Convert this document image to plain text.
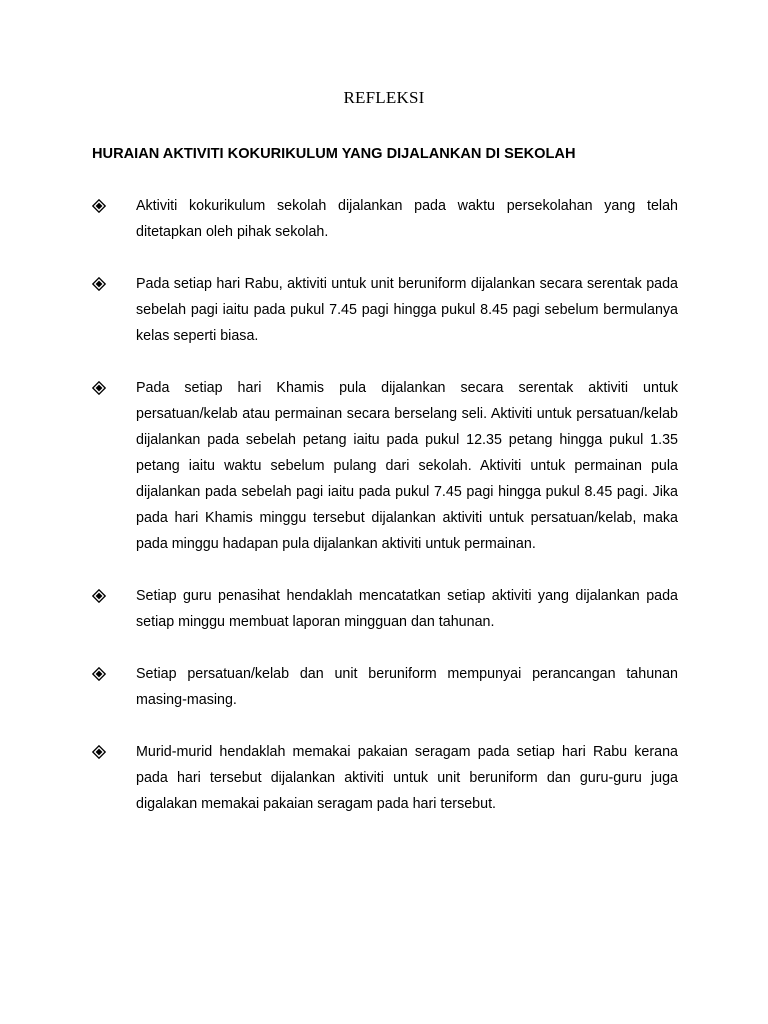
REFLEKSI
HURAIAN AKTIVITI KOKURIKULUM YANG DIJALANKAN DI SEKOLAH

Aktiviti kokurikulum sekolah dijalankan pada waktu persekolahan yang telah ditetapkan oleh pihak sekolah.

Pada setiap hari Rabu, aktiviti untuk unit beruniform dijalankan secara serentak pada sebelah pagi iaitu pada pukul 7.45 pagi hingga pukul 8.45 pagi sebelum bermulanya kelas seperti biasa.

Pada setiap hari Khamis pula dijalankan secara serentak aktiviti untuk persatuan/kelab atau permainan secara berselang seli. Aktiviti untuk persatuan/kelab dijalankan pada sebelah petang iaitu pada pukul 12.35 petang hingga pukul 1.35 petang iaitu waktu sebelum pulang dari sekolah. Aktiviti untuk permainan pula dijalankan pada sebelah pagi iaitu pada pukul 7.45 pagi hingga pukul 8.45 pagi. Jika pada hari Khamis minggu tersebut dijalankan aktiviti untuk persatuan/kelab, maka pada minggu hadapan pula dijalankan aktiviti untuk permainan.

Setiap guru penasihat hendaklah mencatatkan setiap aktiviti yang dijalankan pada setiap minggu membuat laporan mingguan dan tahunan.

Setiap persatuan/kelab dan unit beruniform mempunyai perancangan tahunan masing-masing.

Murid-murid hendaklah memakai pakaian seragam pada setiap hari Rabu kerana pada hari tersebut dijalankan aktiviti untuk unit beruniform dan guru-guru juga digalakan memakai pakaian seragam pada hari tersebut.
